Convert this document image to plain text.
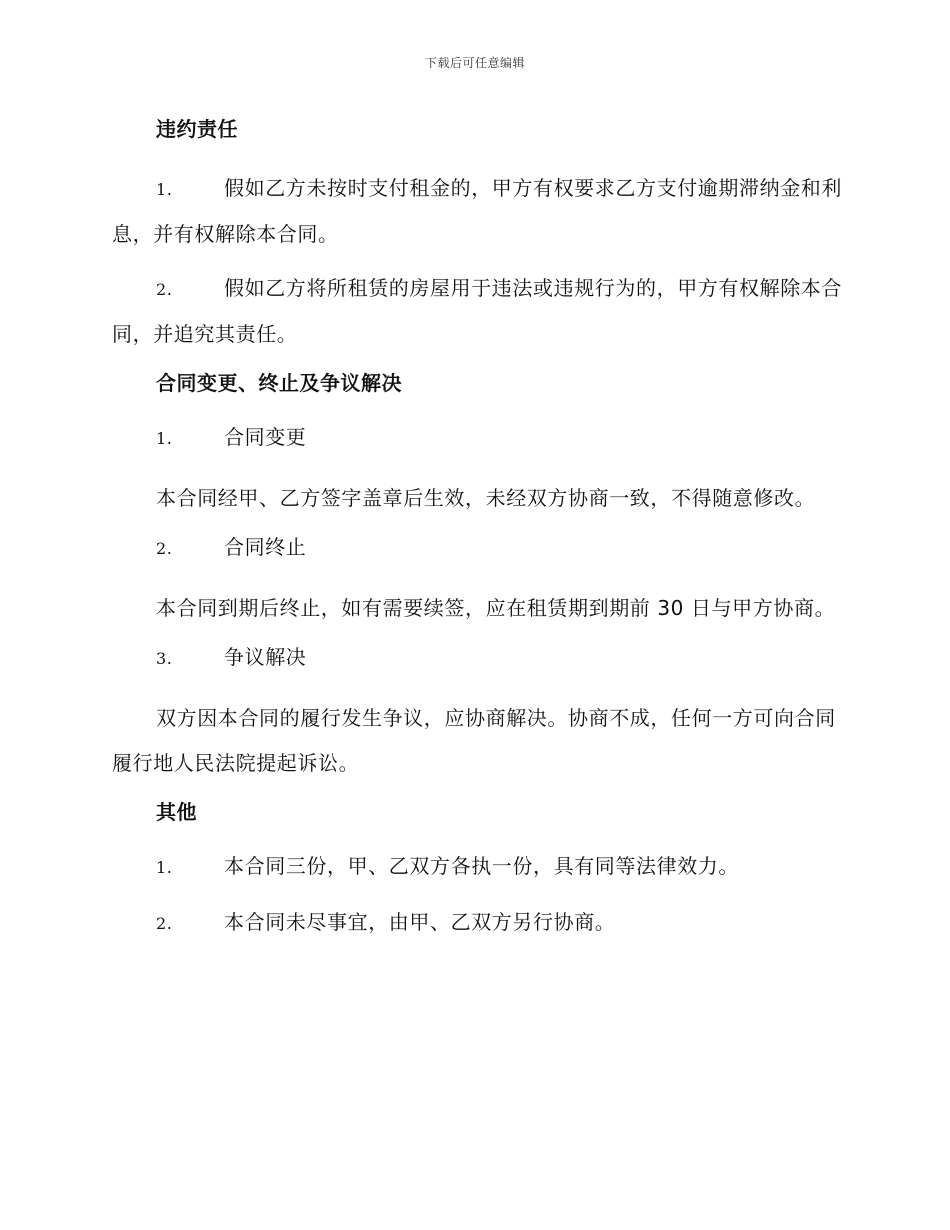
下载后可任意编辑
违约责任
1.	假如乙方未按时支付租金的，甲方有权要求乙方支付逾期滞纳金和利息，并有权解除本合同。
2.	假如乙方将所租赁的房屋用于违法或违规行为的，甲方有权解除本合同，并追究其责任。
合同变更、终止及争议解决
1.	合同变更
本合同经甲、乙方签字盖章后生效，未经双方协商一致，不得随意修改。
2.	合同终止
本合同到期后终止，如有需要续签，应在租赁期到期前 30 日与甲方协商。
3.	争议解决
双方因本合同的履行发生争议，应协商解决。协商不成，任何一方可向合同履行地人民法院提起诉讼。
其他
1.	本合同三份，甲、乙双方各执一份，具有同等法律效力。
2.	本合同未尽事宜，由甲、乙双方另行协商。
